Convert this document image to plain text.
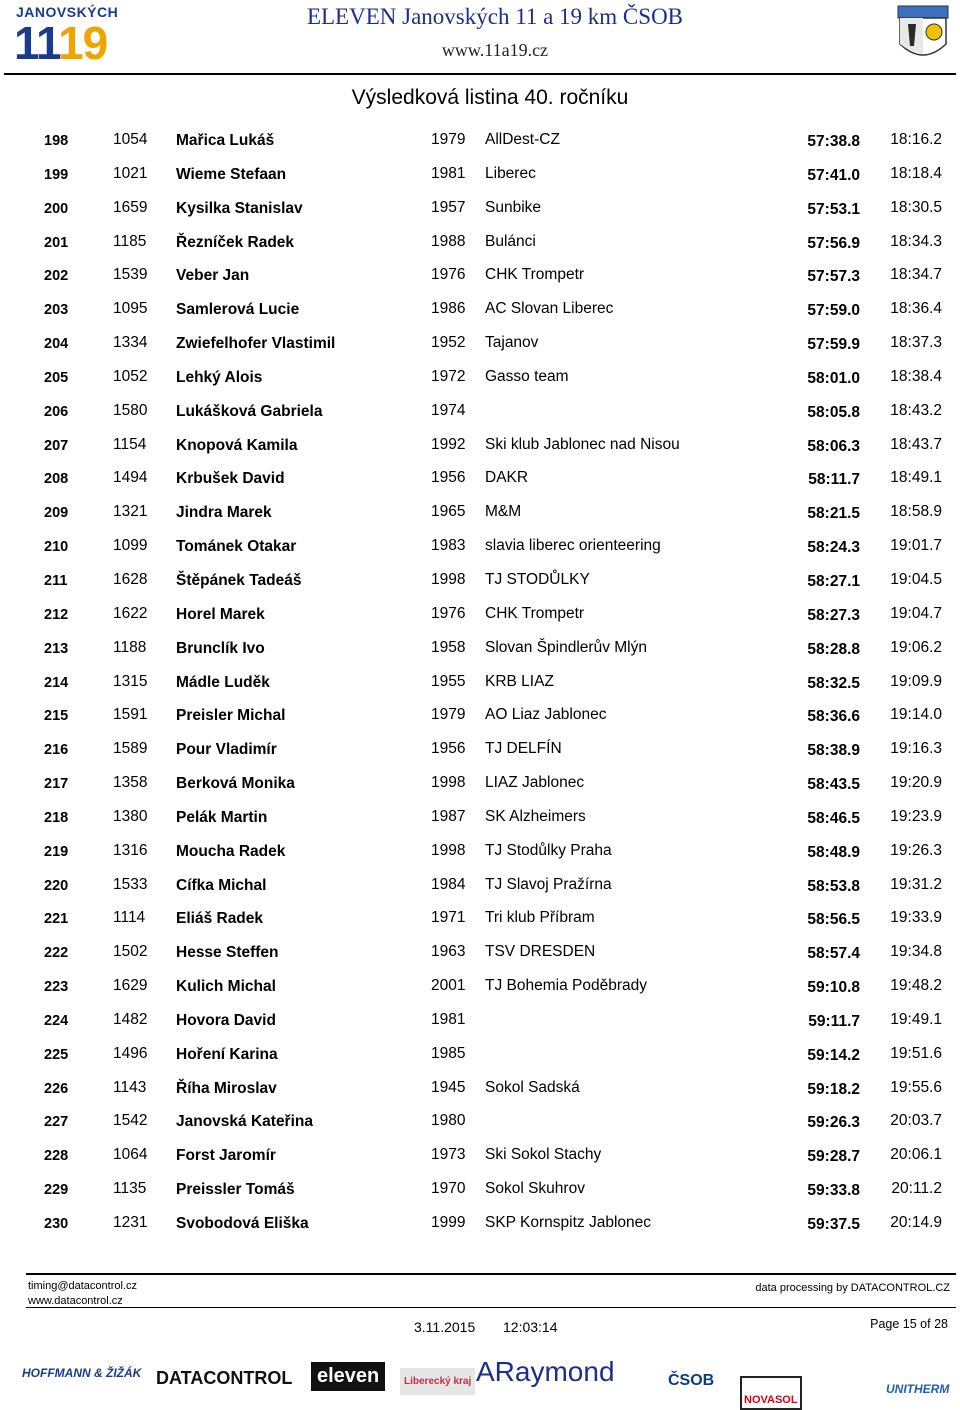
JANOVSKÝCH
1119
ELEVEN Janovských 11 a 19 km ČSOB
www.11a19.cz
Výsledková listina 40. ročníku
198	1054 Mařica Lukáš	1979 AllDest-CZ	57:38.8 18:16.2
199	1021 Wieme Stefaan	1981 Liberec	57:41.0 18:18.4
200	1659 Kysilka Stanislav	1957 Sunbike	57:53.1 18:30.5
201	1185 Řezníček Radek	1988 Bulánci	57:56.9 18:34.3
202	1539 Veber Jan	1976 CHK Trompetr	57:57.3 18:34.7
203	1095 Samlerová Lucie	1986 AC Slovan Liberec	57:59.0 18:36.4
204	1334 Zwiefelhofer Vlastimil	1952 Tajanov	57:59.9 18:37.3
205	1052 Lehký Alois	1972 Gasso team	58:01.0 18:38.4
206	1580 Lukášková Gabriela	1974	58:05.8 18:43.2
207	1154 Knopová Kamila	1992 Ski klub Jablonec nad Nisou	58:06.3 18:43.7
208	1494 Krbušek David	1956 DAKR	58:11.7 18:49.1
209	1321 Jindra Marek	1965 M&M	58:21.5 18:58.9
210	1099 Tománek Otakar	1983 slavia liberec orienteering	58:24.3 19:01.7
211	1628 Štěpánek Tadeáš	1998 TJ STODŮLKY	58:27.1 19:04.5
212	1622 Horel Marek	1976 CHK Trompetr	58:27.3 19:04.7
213	1188 Brunclík Ivo	1958 Slovan Špindlerův Mlýn	58:28.8 19:06.2
214	1315 Mádle Luděk	1955 KRB LIAZ	58:32.5 19:09.9
215	1591 Preisler Michal	1979 AO Liaz Jablonec	58:36.6 19:14.0
216	1589 Pour Vladimír	1956 TJ DELFÍN	58:38.9 19:16.3
217	1358 Berková Monika	1998 LIAZ Jablonec	58:43.5 19:20.9
218	1380 Pelák Martin	1987 SK Alzheimers	58:46.5 19:23.9
219	1316 Moucha Radek	1998 TJ Stodůlky Praha	58:48.9 19:26.3
220	1533 Cífka Michal	1984 TJ Slavoj Pražírna	58:53.8 19:31.2
221	1114 Eliáš Radek	1971 Tri klub Příbram	58:56.5 19:33.9
222	1502 Hesse Steffen	1963 TSV DRESDEN	58:57.4 19:34.8
223	1629 Kulich Michal	2001 TJ Bohemia Poděbrady	59:10.8 19:48.2
224	1482 Hovora David	1981	59:11.7 19:49.1
225	1496 Hoření Karina	1985	59:14.2 19:51.6
226	1143 Říha Miroslav	1945 Sokol Sadská	59:18.2 19:55.6
227	1542 Janovská Kateřina	1980	59:26.3 20:03.7
228	1064 Forst Jaromír	1973 Ski Sokol Stachy	59:28.7 20:06.1
229	1135 Preissler Tomáš	1970 Sokol Skuhrov	59:33.8 20:11.2
230	1231 Svobodová Eliška	1999 SKP Kornspitz Jablonec	59:37.5 20:14.9
timing@datacontrol.cz
www.datacontrol.cz
data processing by DATACONTROL.CZ
3.11.2015 12:03:14	Page 15 of 28
HOFFMANN & ŽIŽÁK DATACONTROL	eleven	Liberecký kraj ARaymond	ČSOB
NOVASOL
UNITHERM
